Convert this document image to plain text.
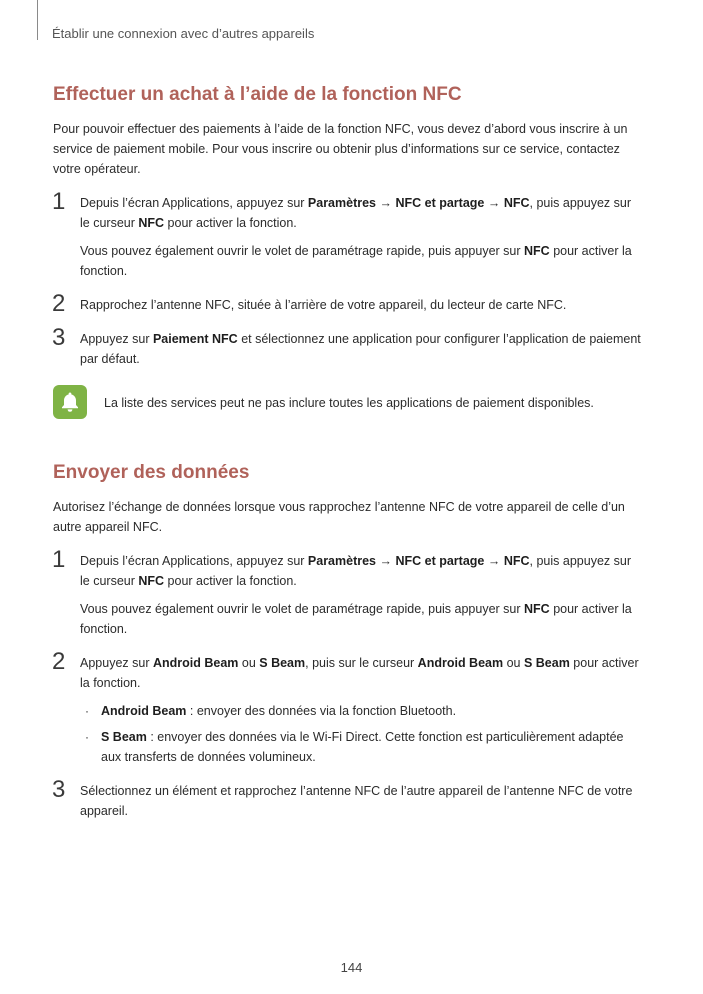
Établir une connexion avec d’autres appareils
Effectuer un achat à l’aide de la fonction NFC

Pour pouvoir effectuer des paiements à l’aide de la fonction NFC, vous devez d’abord vous inscrire à un service de paiement mobile. Pour vous inscrire ou obtenir plus d’informations sur ce service, contactez votre opérateur.

1 Depuis l’écran Applications, appuyez sur Paramètres → NFC et partage → NFC, puis appuyez sur le curseur NFC pour activer la fonction.

Vous pouvez également ouvrir le volet de paramétrage rapide, puis appuyer sur NFC pour activer la fonction.

2 Rapprochez l’antenne NFC, située à l’arrière de votre appareil, du lecteur de carte NFC.

3 Appuyez sur Paiement NFC et sélectionnez une application pour configurer l’application de paiement par défaut.

La liste des services peut ne pas inclure toutes les applications de paiement disponibles.
Envoyer des données

Autorisez l’échange de données lorsque vous rapprochez l’antenne NFC de votre appareil de celle d’un autre appareil NFC.

1 Depuis l’écran Applications, appuyez sur Paramètres → NFC et partage → NFC, puis appuyez sur le curseur NFC pour activer la fonction.

Vous pouvez également ouvrir le volet de paramétrage rapide, puis appuyer sur NFC pour activer la fonction.

2 Appuyez sur Android Beam ou S Beam, puis sur le curseur Android Beam ou S Beam pour activer la fonction.

· Android Beam : envoyer des données via la fonction Bluetooth.
· S Beam : envoyer des données via le Wi-Fi Direct. Cette fonction est particulièrement adaptée aux transferts de données volumineux.
3 Sélectionnez un élément et rapprochez l’antenne NFC de l’autre appareil de l’antenne NFC de votre appareil.

144
